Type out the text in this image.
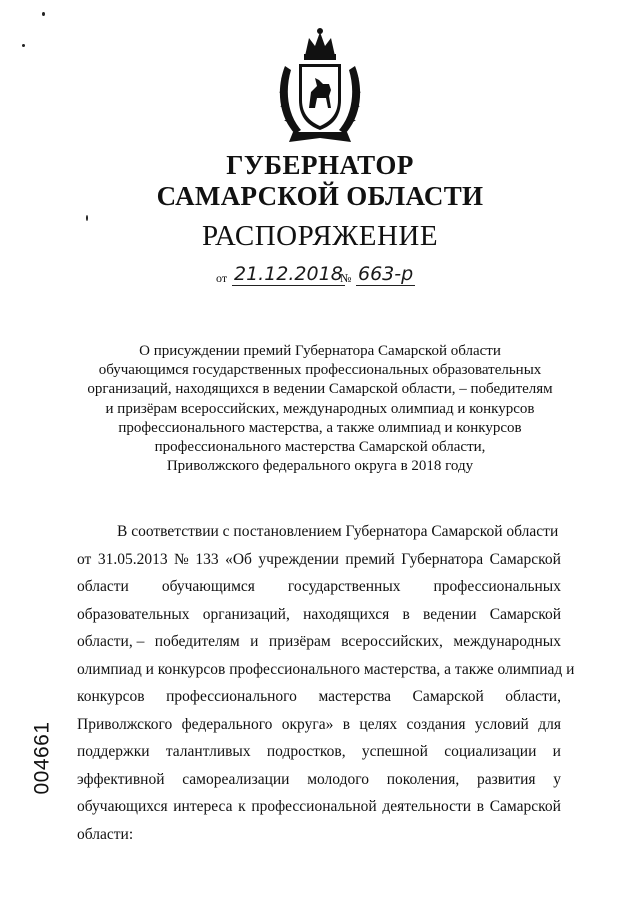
ГУБЕРНАТОР
САМАРСКОЙ ОБЛАСТИ
РАСПОРЯЖЕНИЕ
от 21.12.2018
№ 663-р
О присуждении премий Губернатора Самарской области
обучающимся государственных профессиональных образовательных
организаций, находящихся в ведении Самарской области, – победителям
и призёрам всероссийских, международных олимпиад и конкурсов
профессионального мастерства, а также олимпиад и конкурсов
профессионального мастерства Самарской области,
Приволжского федерального округа в 2018 году
В соответствии с постановлением Губернатора Самарской области
от 31.05.2013 № 133 «Об учреждении премий Губернатора Самарской
области обучающимся государственных профессиональных
образовательных организаций, находящихся в ведении Самарской
области, – победителям и призёрам всероссийских, международных
олимпиад и конкурсов профессионального мастерства, а также олимпиад и
конкурсов профессионального мастерства Самарской области,
Приволжского федерального округа» в целях создания условий для
поддержки талантливых подростков, успешной социализации и
эффективной самореализации молодого поколения, развития у
обучающихся интереса к профессиональной деятельности в Самарской
области:
004661
